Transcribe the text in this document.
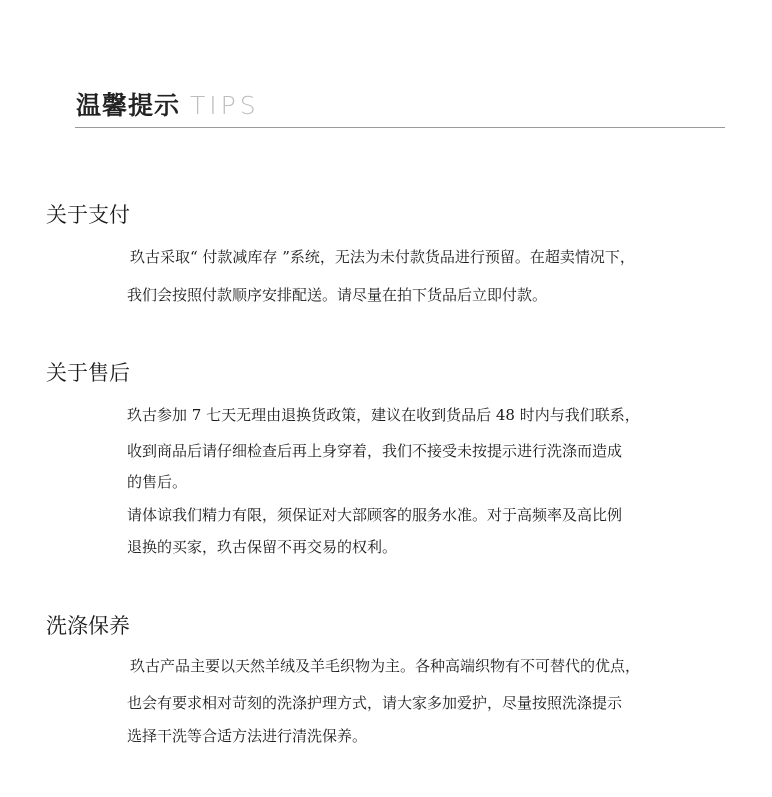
温馨提示 TIPS
关于支付
玖古采取“ 付款减库存 ”系统，无法为未付款货品进行预留。在超卖情况下，
我们会按照付款顺序安排配送。请尽量在拍下货品后立即付款。
关于售后
玖古参加 7 七天无理由退换货政策，建议在收到货品后 48 时内与我们联系，
收到商品后请仔细检查后再上身穿着，我们不接受未按提示进行洗涤而造成
的售后。
请体谅我们精力有限，须保证对大部顾客的服务水准。对于高频率及高比例
退换的买家，玖古保留不再交易的权利。
洗涤保养
玖古产品主要以天然羊绒及羊毛织物为主。各种高端织物有不可替代的优点，
也会有要求相对苛刻的洗涤护理方式，请大家多加爱护，尽量按照洗涤提示
选择干洗等合适方法进行清洗保养。
